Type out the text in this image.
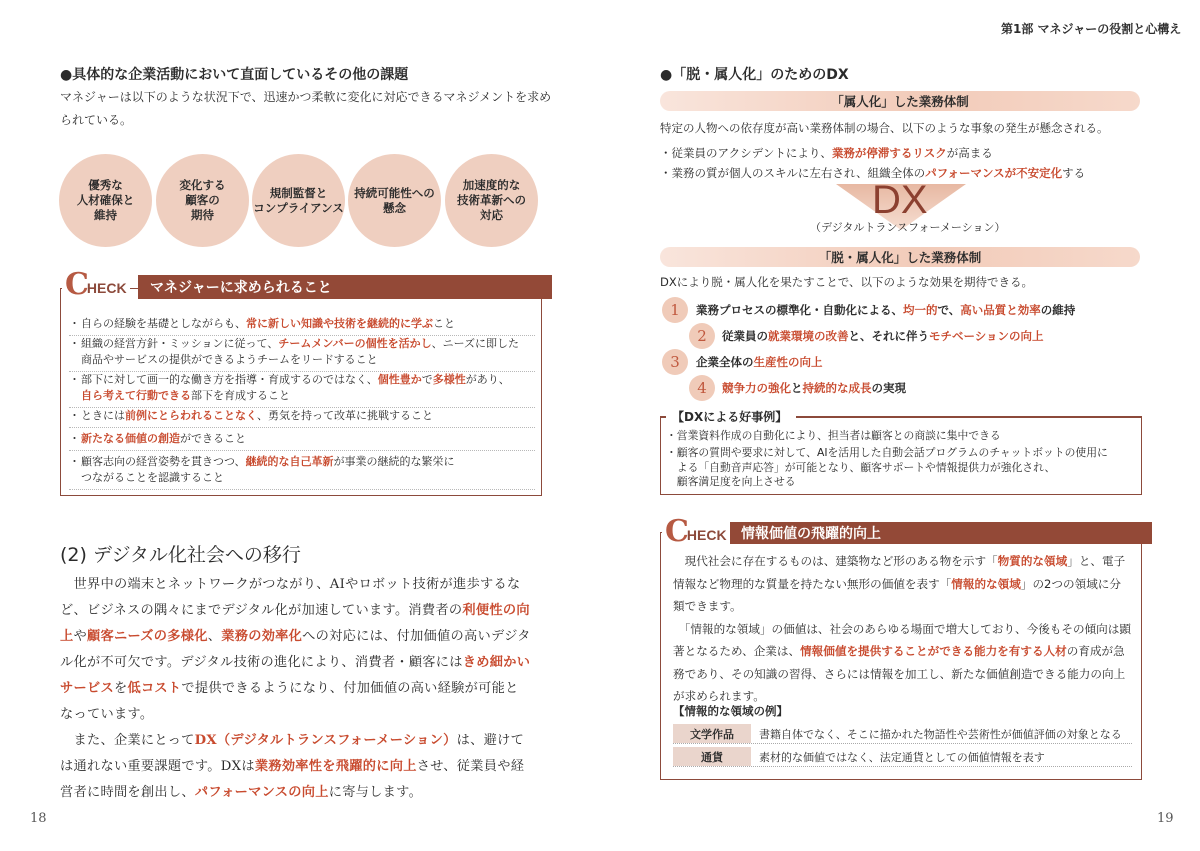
●具体的な企業活動において直面しているその他の課題
マネジャーは以下のような状況下で、迅速かつ柔軟に変化に対応できるマネジメントを求め
られている。
優秀な
人材確保と
維持
変化する
顧客の
期待
規制監督と
コンプライアンス
持続可能性への
懸念
加速度的な
技術革新への
対応
マネジャーに求められること
C
HECK
・ 自らの経験を基礎としながらも、常に新しい知識や技術を継続的に学ぶこと
・ 組織の経営方針・ミッションに従って、チームメンバーの個性を活かし、ニーズに即した
商品やサービスの提供ができるようチームをリードすること
・ 部下に対して画一的な働き方を指導・育成するのではなく、個性豊かで多様性があり、
自ら考えて行動できる部下を育成すること
・ ときには前例にとらわれることなく、勇気を持って改革に挑戦すること
・ 新たなる価値の創造ができること
・ 顧客志向の経営姿勢を貫きつつ、継続的な自己革新が事業の継続的な繁栄に
つながることを認識すること
(2) デジタル化社会への移行
　世界中の端末とネットワークがつながり、AIやロボット技術が進歩するな
ど、ビジネスの隅々にまでデジタル化が加速しています。消費者の利便性の向
上や顧客ニーズの多様化、業務の効率化への対応には、付加価値の高いデジタ
ル化が不可欠です。デジタル技術の進化により、消費者・顧客にはきめ細かい
サービスを低コストで提供できるようになり、付加価値の高い経験が可能と
なっています。
　また、企業にとってDX（デジタルトランスフォーメーション）は、避けて
は通れない重要課題です。DXは業務効率性を飛躍的に向上させ、従業員や経
営者に時間を創出し、パフォーマンスの向上に寄与します。
18
第1部 マネジャーの役割と心構え
●「脱・属人化」のためのDX
「属人化」した業務体制
特定の人物への依存度が高い業務体制の場合、以下のような事象の発生が懸念される。
・従業員のアクシデントにより、業務が停滞するリスクが高まる
・業務の質が個人のスキルに左右され、組織全体のパフォーマンスが不安定化する
DX
（デジタルトランスフォーメーション）
「脱・属人化」した業務体制
DXにより脱・属人化を果たすことで、以下のような効果を期待できる。
1	業務プロセスの標準化・自動化による、均一的で、高い品質と効率の維持
2	従業員の就業環境の改善と、それに伴うモチベーションの向上
3	企業全体の生産性の向上
4	競争力の強化と持続的な成長の実現
【DXによる好事例】
・営業資料作成の自動化により、担当者は顧客との商談に集中できる
・顧客の質問や要求に対して、AIを活用した自動会話プログラムのチャットボットの使用に
　よる「自動音声応答」が可能となり、顧客サポートや情報提供力が強化され、
　顧客満足度を向上させる
情報価値の飛躍的向上
C
HECK
　現代社会に存在するものは、建築物など形のある物を示す「物質的な領域」と、電子
情報など物理的な質量を持たない無形の価値を表す「情報的な領域」の2つの領域に分
類できます。
　「情報的な領域」の価値は、社会のあらゆる場面で増大しており、今後もその傾向は顕
著となるため、企業は、情報価値を提供することができる能力を有する人材の育成が急
務であり、その知識の習得、さらには情報を加工し、新たな価値創造できる能力の向上
が求められます。
【情報的な領域の例】
文学作品	書籍自体でなく、そこに描かれた物語性や芸術性が価値評価の対象となる
通貨	素材的な価値ではなく、法定通貨としての価値情報を表す
19
